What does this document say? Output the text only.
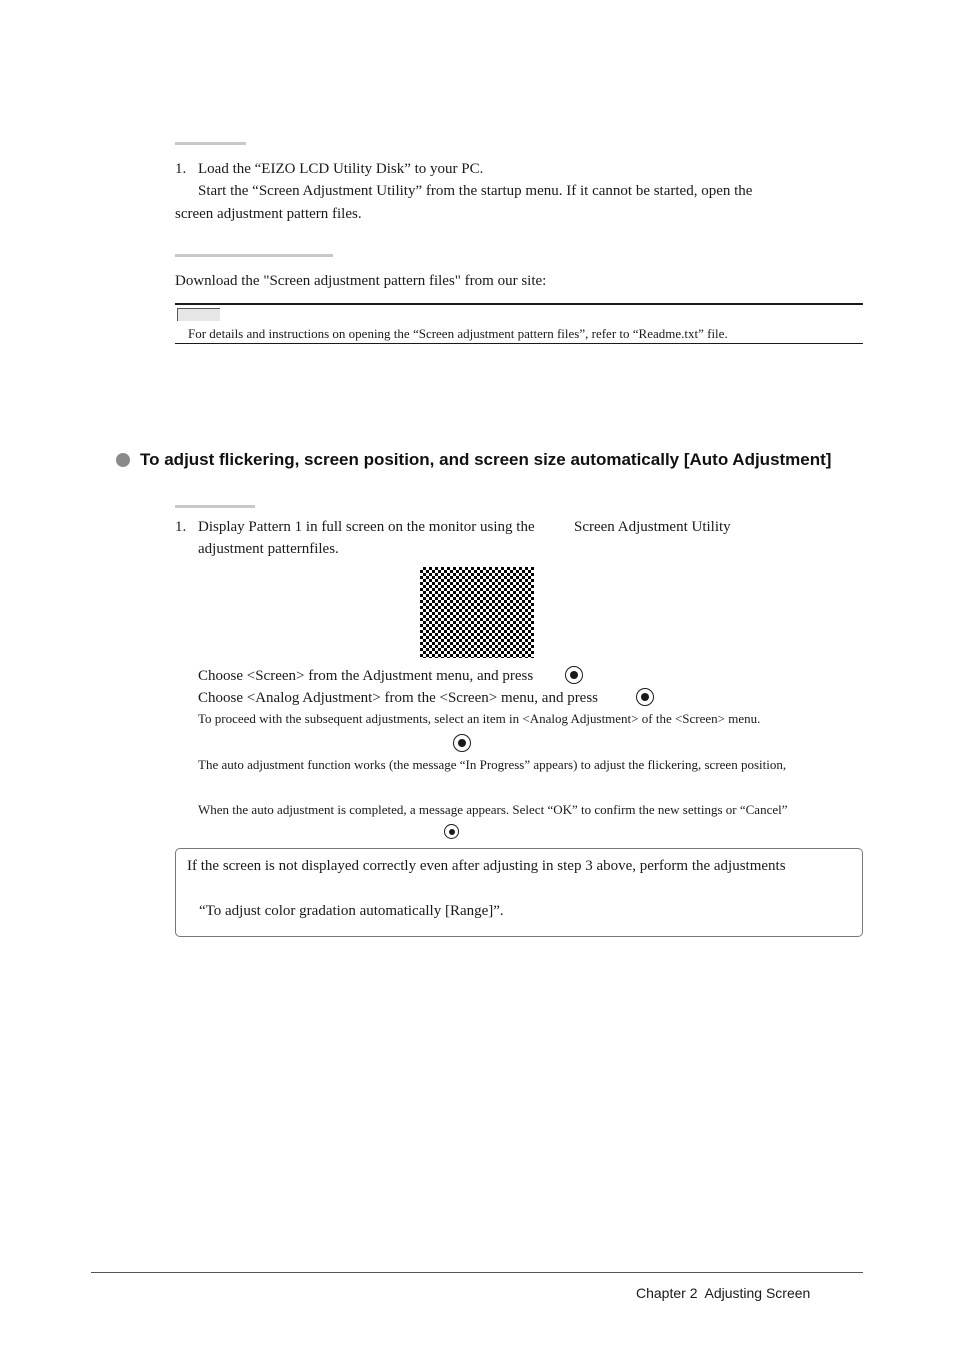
1. Load the “EIZO LCD Utility Disk” to your PC.
Start the “Screen Adjustment Utility” from the startup menu. If it cannot be started, open the
screen adjustment pattern files.
Download the "Screen adjustment pattern files" from our site:
For details and instructions on opening the “Screen adjustment pattern files”, refer to “Readme.txt” file.
To adjust flickering, screen position, and screen size automatically [Auto Adjustment]
1. Display Pattern 1 in full screen on the monitor using the	Screen Adjustment Utility
adjustment patternfiles.
Choose <Screen> from the Adjustment menu, and press
Choose <Analog Adjustment> from the <Screen> menu, and press
To proceed with the subsequent adjustments, select an item in <Analog Adjustment> of the <Screen> menu.
The auto adjustment function works (the message “In Progress” appears) to adjust the flickering, screen position,
When the auto adjustment is completed, a message appears. Select “OK” to confirm the new settings or “Cancel”
If the screen is not displayed correctly even after adjusting in step 3 above, perform the adjustments
“To adjust color gradation automatically [Range]”.
Chapter 2  Adjusting Screen
